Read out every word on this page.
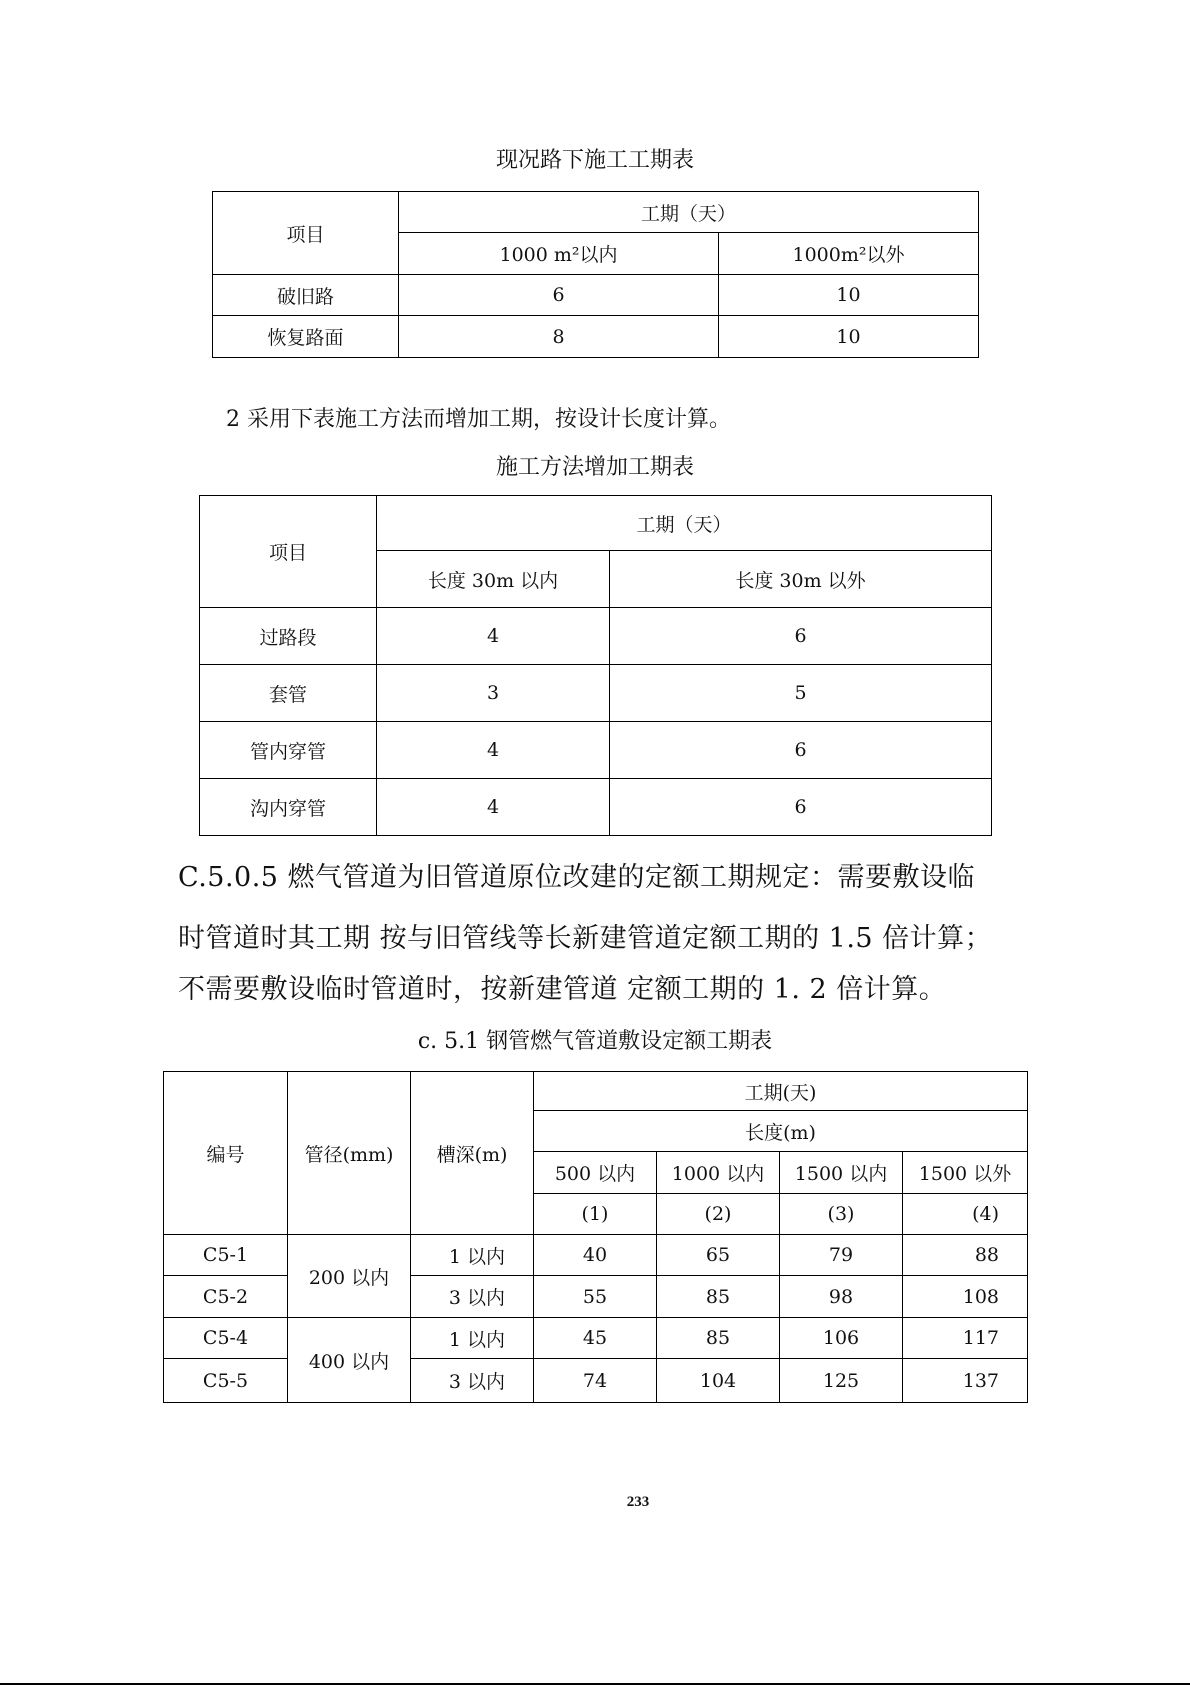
现况路下施工工期表
项目	工期（天）	
	1000 m²以内	1000m²以外
破旧路	6	10
恢复路面	8	10
2 采用下表施工方法而增加工期，按设计长度计算。
施工方法增加工期表
项目	工期（天）	
	长度 30m 以内	长度 30m 以外
过路段	4	6
套管	3	5
管内穿管	4	6
沟内穿管	4	6
C.5.0.5 燃气管道为旧管道原位改建的定额工期规定：需要敷设临
时管道时其工期 按与旧管线等长新建管道定额工期的 1.5 倍计算；
不需要敷设临时管道时，按新建管道 定额工期的 1. 2 倍计算。
c. 5.1 钢管燃气管道敷设定额工期表
编号	管径(mm)	槽深(m)	工期(天)			
			长度(m)			
			500 以内	1000 以内	1500 以内	1500 以外
			(1)	(2)	(3)	(4)
C5-1	200 以内	1 以内	40	65	79	88
C5-2		3 以内	55	85	98	108
C5-4	400 以内	1 以内	45	85	106	117
C5-5		3 以内	74	104	125	137
233
